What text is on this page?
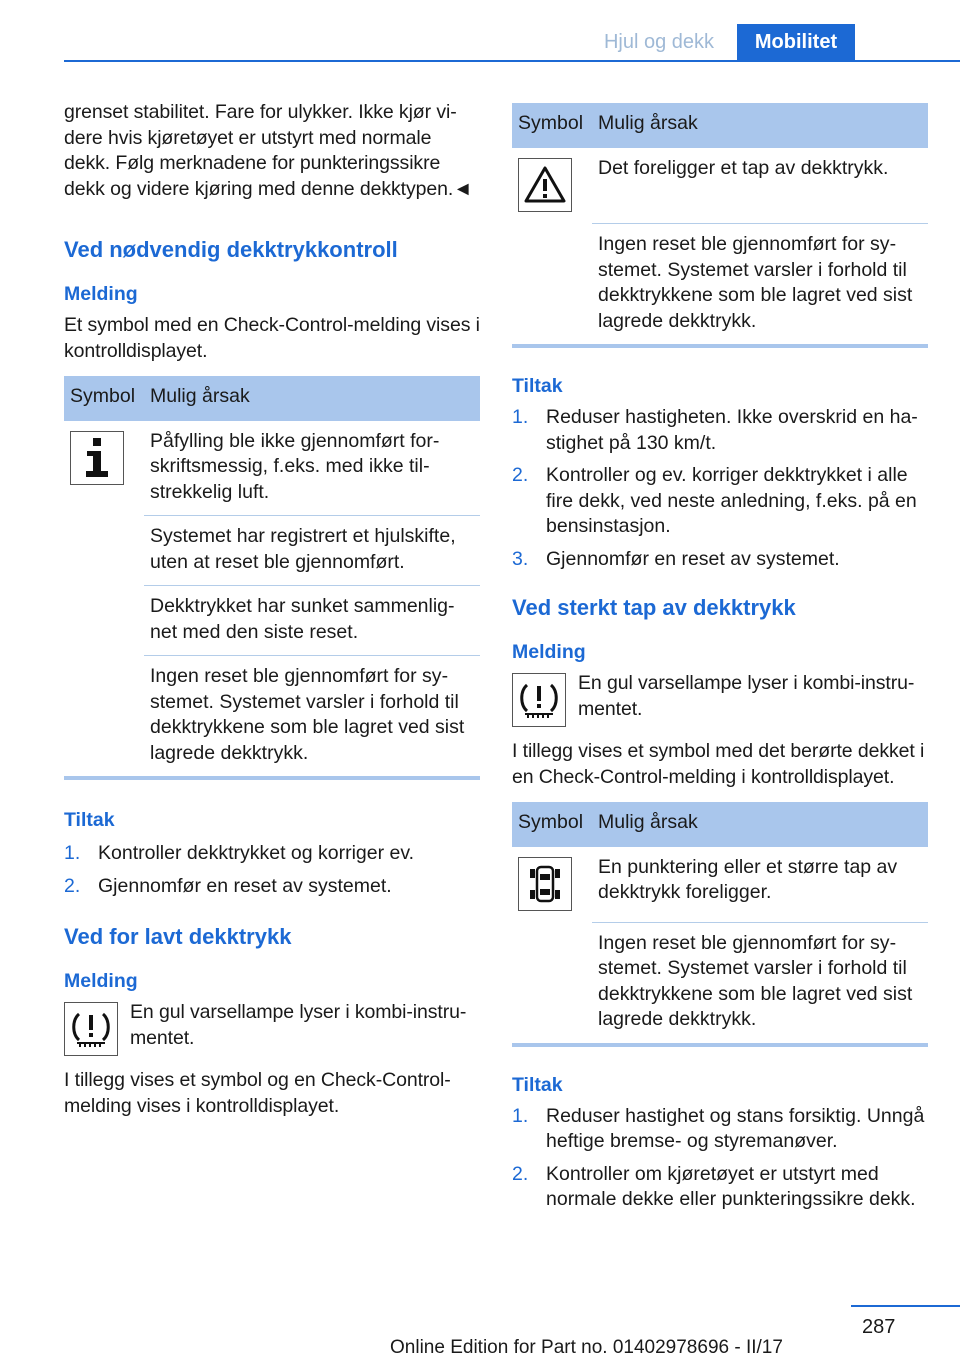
Hjul og dekk	Mobilitet

grenset stabilitet. Fare for ulykker. Ikke kjør videre hvis kjøretøyet er utstyrt med normale dekk. Følg merknadene for punkteringssikre dekk og videre kjøring med denne dekktypen.◄

Ved nødvendig dekktrykkontroll
Melding

Et symbol med en Check-Control-melding vises i kontrolldisplayet.

Symbol	Mulig årsak

	Påfylling ble ikke gjennomført forskriftsmessig, f.eks. med ikke tilstrekkelig luft.
	Systemet har registrert et hjulskifte, uten at reset ble gjennomført.
	Dekktrykket har sunket sammenlignet med den siste reset.
	Ingen reset ble gjennomført for systemet. Systemet varsler i forhold til dekktrykkene som ble lagret ved sist lagrede dekktrykk.

Tiltak
1. Kontroller dekktrykket og korriger ev.
2. Gjennomfør en reset av systemet.
Ved for lavt dekktrykk
Melding

En gul varsellampe lyser i kombi-instrumentet.

I tillegg vises et symbol og en Check-Control-melding vises i kontrolldisplayet.

Symbol	Mulig årsak

	Det foreligger et tap av dekktrykk.
	Ingen reset ble gjennomført for systemet. Systemet varsler i forhold til dekktrykkene som ble lagret ved sist lagrede dekktrykk.

Tiltak
1. Reduser hastigheten. Ikke overskrid en hastighet på 130 km/t.
2. Kontroller og ev. korriger dekktrykket i alle fire dekk, ved neste anledning, f.eks. på en bensinstasjon.
3. Gjennomfør en reset av systemet.
Ved sterkt tap av dekktrykk
Melding

En gul varsellampe lyser i kombi-instrumentet.

I tillegg vises et symbol med det berørte dekket i en Check-Control-melding i kontrolldisplayet.

Symbol	Mulig årsak

	En punktering eller et større tap av dekktrykk foreligger.
	Ingen reset ble gjennomført for systemet. Systemet varsler i forhold til dekktrykkene som ble lagret ved sist lagrede dekktrykk.

Tiltak
1. Reduser hastighet og stans forsiktig. Unngå heftige bremse- og styremanøver.
2. Kontroller om kjøretøyet er utstyrt med normale dekke eller punkteringssikre dekk.
287
Online Edition for Part no. 01402978696 - II/17
